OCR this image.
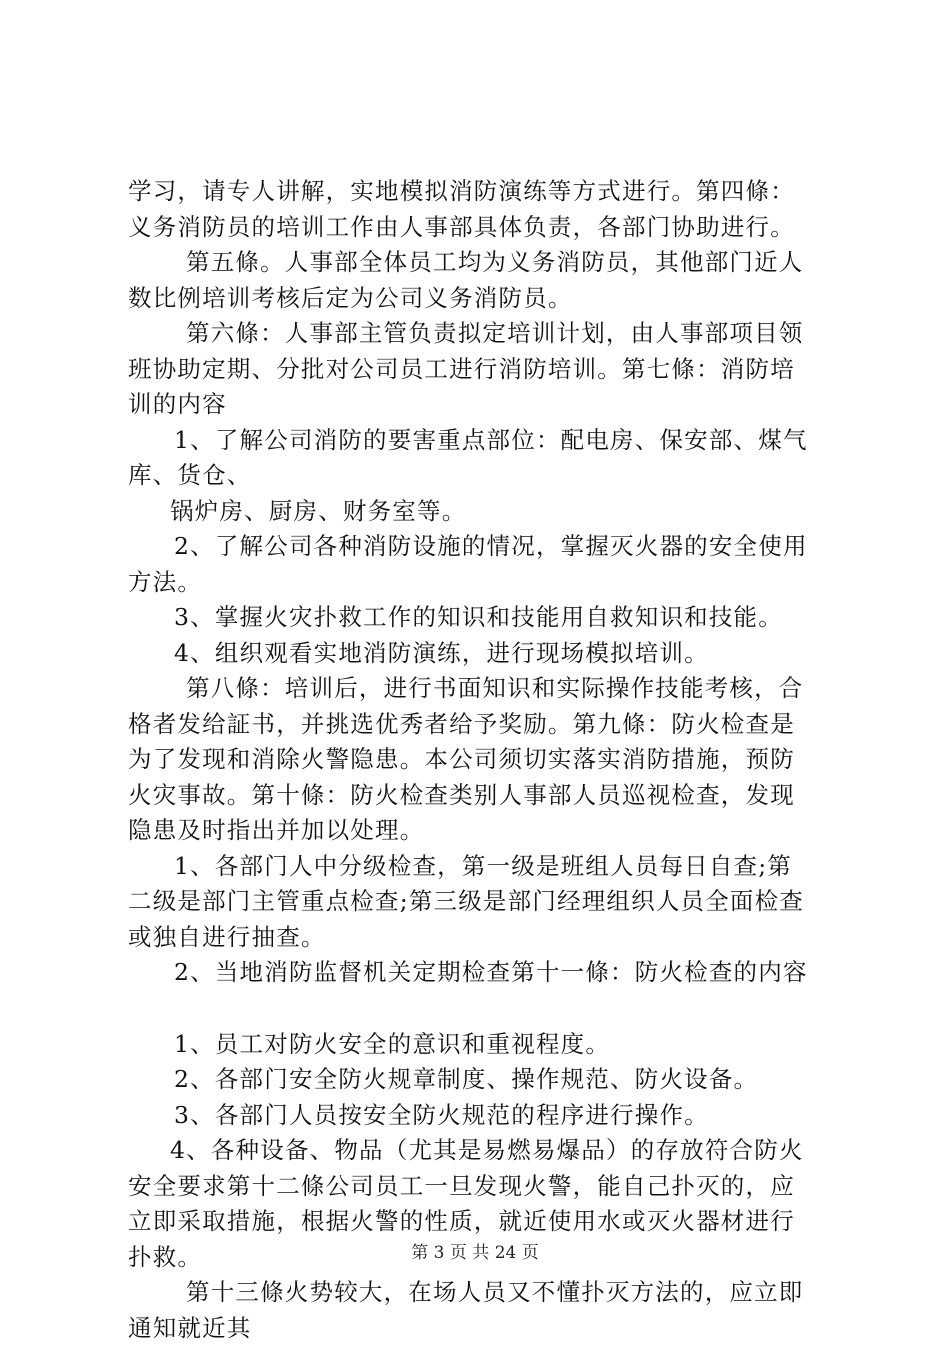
学习，请专人讲解，实地模拟消防演练等方式进行。第四條：
义务消防员的培训工作由人事部具体负责，各部门协助进行。
第五條。人事部全体员工均为义务消防员，其他部门近人
数比例培训考核后定为公司义务消防员。
第六條：人事部主管负责拟定培训计划，由人事部项目领
班协助定期、分批对公司员工进行消防培训。第七條：消防培
训的内容
1、了解公司消防的要害重点部位：配电房、保安部、煤气
库、货仓、
锅炉房、厨房、财务室等。
2、了解公司各种消防设施的情况，掌握灭火器的安全使用
方法。
3、掌握火灾扑救工作的知识和技能用自救知识和技能。
4、组织观看实地消防演练，进行现场模拟培训。
第八條：培训后，进行书面知识和实际操作技能考核，合
格者发给証书，并挑选优秀者给予奖励。第九條：防火检查是
为了发现和消除火警隐患。本公司须切实落实消防措施，预防
火灾事故。第十條：防火检查类别人事部人员巡视检查，发现
隐患及时指出并加以处理。
1、各部门人中分级检查，第一级是班组人员每日自查;第
二级是部门主管重点检查;第三级是部门经理组织人员全面检查
或独自进行抽查。
2、当地消防监督机关定期检查第十一條：防火检查的内容
1、员工对防火安全的意识和重视程度。
2、各部门安全防火规章制度、操作规范、防火设备。
3、各部门人员按安全防火规范的程序进行操作。
4、各种设备、物品（尤其是易燃易爆品）的存放符合防火
安全要求第十二條公司员工一旦发现火警，能自己扑灭的，应
立即采取措施，根据火警的性质，就近使用水或灭火器材进行
扑救。
第十三條火势较大，在场人员又不懂扑灭方法的，应立即
通知就近其
第 3 页 共 24 页
